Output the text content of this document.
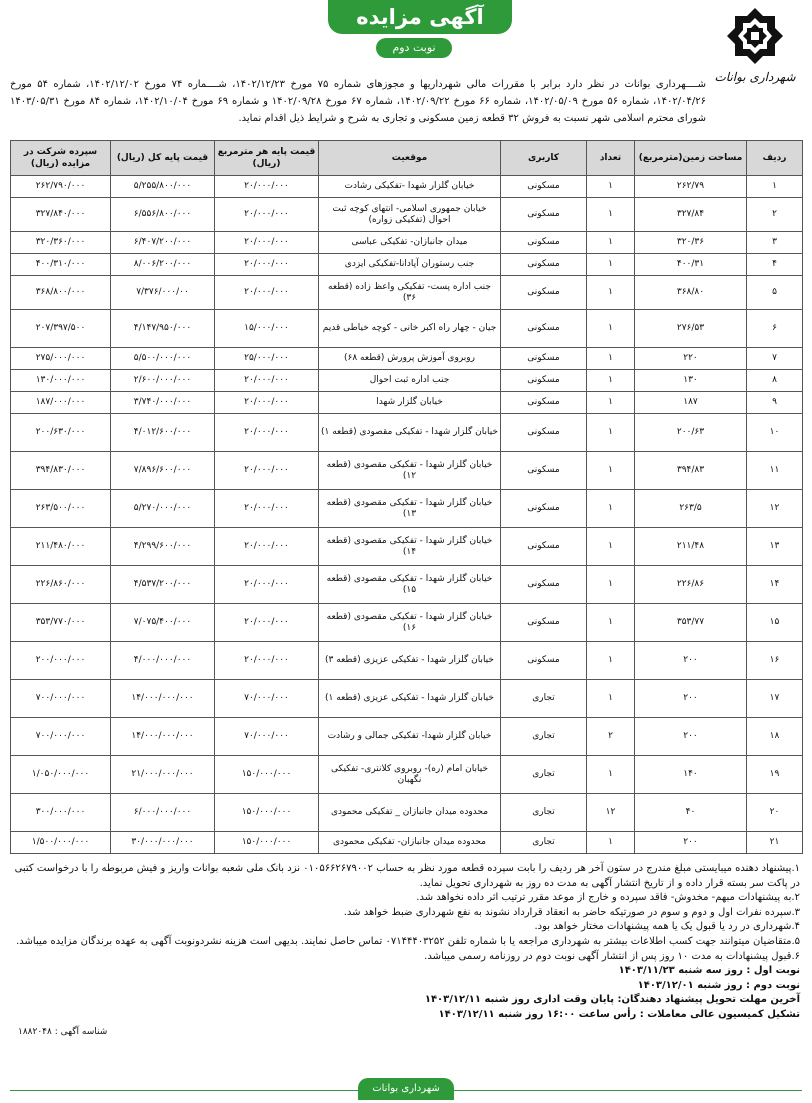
آگهی مزایده
نوبت دوم
شهرداری بوانات
شــــهرداری بوانات در نظر دارد برابر با مقررات مالی شهرداریها و مجوزهای شماره ۷۵ مورخ ۱۴۰۲/۱۲/۲۳، شــــماره ۷۴ مورخ ۱۴۰۲/۱۲/۰۲، شماره ۵۴ مورخ ۱۴۰۲/۰۴/۲۶، شماره ۵۶ مورخ ۱۴۰۲/۰۵/۰۹، شماره ۶۶ مورخ ۱۴۰۲/۰۹/۲۲، شماره ۶۷ مورخ ۱۴۰۲/۰۹/۲۸ و شماره ۶۹ مورخ ۱۴۰۲/۱۰/۰۴، شماره ۸۴ مورخ ۱۴۰۳/۰۵/۳۱ شورای محترم اسلامی شهر نسبت به فروش ۳۲ قطعه زمین مسکونی و تجاری به شرح و شرایط ذیل اقدام نماید.
ردیف	مساحت زمین(مترمربع)	تعداد	کاربری	موقعیت	قیمت پایه هر مترمربع (ریال)	قیمت پایه کل (ریال)	سپرده شرکت در مزایده (ریال)
۱	۲۶۲/۷۹	۱	مسکونی	خیابان گلزار شهدا -تفکیکی رشادت	۲۰/۰۰۰/۰۰۰	۵/۲۵۵/۸۰۰/۰۰۰	۲۶۲/۷۹۰/۰۰۰
۲	۳۲۷/۸۴	۱	مسکونی	خیابان جمهوری اسلامی- انتهای کوچه ثبت احوال (تفکیکی زواره)	۲۰/۰۰۰/۰۰۰	۶/۵۵۶/۸۰۰/۰۰۰	۳۲۷/۸۴۰/۰۰۰
۳	۳۲۰/۳۶	۱	مسکونی	میدان جانبازان- تفکیکی عباسی	۲۰/۰۰۰/۰۰۰	۶/۴۰۷/۲۰۰/۰۰۰	۳۲۰/۳۶۰/۰۰۰
۴	۴۰۰/۳۱	۱	مسکونی	جنب رستوران آپادانا-تفکیکی ایزدی	۲۰/۰۰۰/۰۰۰	۸/۰۰۶/۲۰۰/۰۰۰	۴۰۰/۳۱۰/۰۰۰
۵	۳۶۸/۸۰	۱	مسکونی	جنب اداره پست- تفکیکی واعظ زاده (قطعه ۳۶)	۲۰/۰۰۰/۰۰۰	۷/۳۷۶/۰۰۰/۰۰	۳۶۸/۸۰۰/۰۰۰
۶	۲۷۶/۵۳	۱	مسکونی	جیان - چهار راه اکبر خانی - کوچه خیاطی قدیم	۱۵/۰۰۰/۰۰۰	۴/۱۴۷/۹۵۰/۰۰۰	۲۰۷/۳۹۷/۵۰۰
۷	۲۲۰	۱	مسکونی	روبروی آموزش پرورش (قطعه ۶۸)	۲۵/۰۰۰/۰۰۰	۵/۵۰۰/۰۰۰/۰۰۰	۲۷۵/۰۰۰/۰۰۰
۸	۱۳۰	۱	مسکونی	جنب اداره ثبت احوال	۲۰/۰۰۰/۰۰۰	۲/۶۰۰/۰۰۰/۰۰۰	۱۳۰/۰۰۰/۰۰۰
۹	۱۸۷	۱	مسکونی	خیابان گلزار شهدا	۲۰/۰۰۰/۰۰۰	۳/۷۴۰/۰۰۰/۰۰۰	۱۸۷/۰۰۰/۰۰۰
۱۰	۲۰۰/۶۳	۱	مسکونی	خیابان گلزار شهدا - تفکیکی مقصودی (قطعه ۱)	۲۰/۰۰۰/۰۰۰	۴/۰۱۲/۶۰۰/۰۰۰	۲۰۰/۶۳۰/۰۰۰
۱۱	۳۹۴/۸۳	۱	مسکونی	خیابان گلزار شهدا - تفکیکی مقصودی (قطعه ۱۲)	۲۰/۰۰۰/۰۰۰	۷/۸۹۶/۶۰۰/۰۰۰	۳۹۴/۸۳۰/۰۰۰
۱۲	۲۶۳/۵	۱	مسکونی	خیابان گلزار شهدا - تفکیکی مقصودی (قطعه ۱۳)	۲۰/۰۰۰/۰۰۰	۵/۲۷۰/۰۰۰/۰۰۰	۲۶۳/۵۰۰/۰۰۰
۱۳	۲۱۱/۴۸	۱	مسکونی	خیابان گلزار شهدا - تفکیکی مقصودی (قطعه ۱۴)	۲۰/۰۰۰/۰۰۰	۴/۲۹۹/۶۰۰/۰۰۰	۲۱۱/۴۸۰/۰۰۰
۱۴	۲۲۶/۸۶	۱	مسکونی	خیابان گلزار شهدا - تفکیکی مقصودی (قطعه ۱۵)	۲۰/۰۰۰/۰۰۰	۴/۵۳۷/۲۰۰/۰۰۰	۲۲۶/۸۶۰/۰۰۰
۱۵	۳۵۳/۷۷	۱	مسکونی	خیابان گلزار شهدا - تفکیکی مقصودی (قطعه ۱۶)	۲۰/۰۰۰/۰۰۰	۷/۰۷۵/۴۰۰/۰۰۰	۳۵۳/۷۷۰/۰۰۰
۱۶	۲۰۰	۱	مسکونی	خیابان گلزار شهدا - تفکیکی عزیزی (قطعه ۳)	۲۰/۰۰۰/۰۰۰	۴/۰۰۰/۰۰۰/۰۰۰	۲۰۰/۰۰۰/۰۰۰
۱۷	۲۰۰	۱	تجاری	خیابان گلزار شهدا - تفکیکی عزیزی (قطعه ۱)	۷۰/۰۰۰/۰۰۰	۱۴/۰۰۰/۰۰۰/۰۰۰	۷۰۰/۰۰۰/۰۰۰
۱۸	۲۰۰	۲	تجاری	خیابان گلزار شهدا- تفکیکی جمالی و رشادت	۷۰/۰۰۰/۰۰۰	۱۴/۰۰۰/۰۰۰/۰۰۰	۷۰۰/۰۰۰/۰۰۰
۱۹	۱۴۰	۱	تجاری	خیابان امام (ره)- روبروی کلانتری- تفکیکی نگهبان	۱۵۰/۰۰۰/۰۰۰	۲۱/۰۰۰/۰۰۰/۰۰۰	۱/۰۵۰/۰۰۰/۰۰۰
۲۰	۴۰	۱۲	تجاری	محدوده میدان جانبازان _ تفکیکی محمودی	۱۵۰/۰۰۰/۰۰۰	۶/۰۰۰/۰۰۰/۰۰۰	۳۰۰/۰۰۰/۰۰۰
۲۱	۲۰۰	۱	تجاری	محدوده میدان جانبازان- تفکیکی محمودی	۱۵۰/۰۰۰/۰۰۰	۳۰/۰۰۰/۰۰۰/۰۰۰	۱/۵۰۰/۰۰۰/۰۰۰
۱.پیشنهاد دهنده میبایستی مبلغ مندرج در ستون آخر هر ردیف را بابت سپرده قطعه مورد نظر به حساب ۰۱۰۵۶۶۲۶۷۹۰۰۲ نزد بانک ملی شعبه بوانات واریز و فیش مربوطه را با درخواست کتبی در پاکت سر بسته قرار داده و از تاریخ انتشار آگهی به مدت ده روز به شهرداری تحویل نماید.
۲.به پیشنهادات مبهم- مخدوش- فاقد سپرده و خارج از موعد مقرر ترتیب اثر داده نخواهد شد.
۳.سپرده نفرات اول و دوم و سوم در صورتیکه حاضر به انعقاد قرارداد نشوند به نفع شهرداری ضبط خواهد شد.
۴.شهرداری در رد یا قبول یک یا همه پیشنهادات مختار خواهد بود.
۵.متقاضیان میتوانند جهت کسب اطلاعات بیشتر به شهرداری مراجعه یا با شماره تلفن ۰۷۱۴۴۴۰۳۲۵۲ تماس حاصل نمایند. بدیهی است هزینه نشردونوبت آگهی به عهده برندگان مزایده میباشد.
۶.قبول پیشنهادات به مدت ۱۰ روز پس از انتشار آگهی نوبت دوم در روزنامه رسمی میباشد.
نوبت اول : روز سه شنبه ۱۴۰۳/۱۱/۲۳
نوبت دوم : روز شنبه ۱۴۰۳/۱۲/۰۱
آخرین مهلت تحویل پیشنهاد دهندگان: پایان وقت اداری روز شنبه ۱۴۰۳/۱۲/۱۱
تشکیل کمیسیون عالی معاملات : رأس ساعت ۱۶:۰۰ روز شنبه ۱۴۰۳/۱۲/۱۱
شناسه آگهی : ۱۸۸۲۰۴۸
شهرداری بوانات
